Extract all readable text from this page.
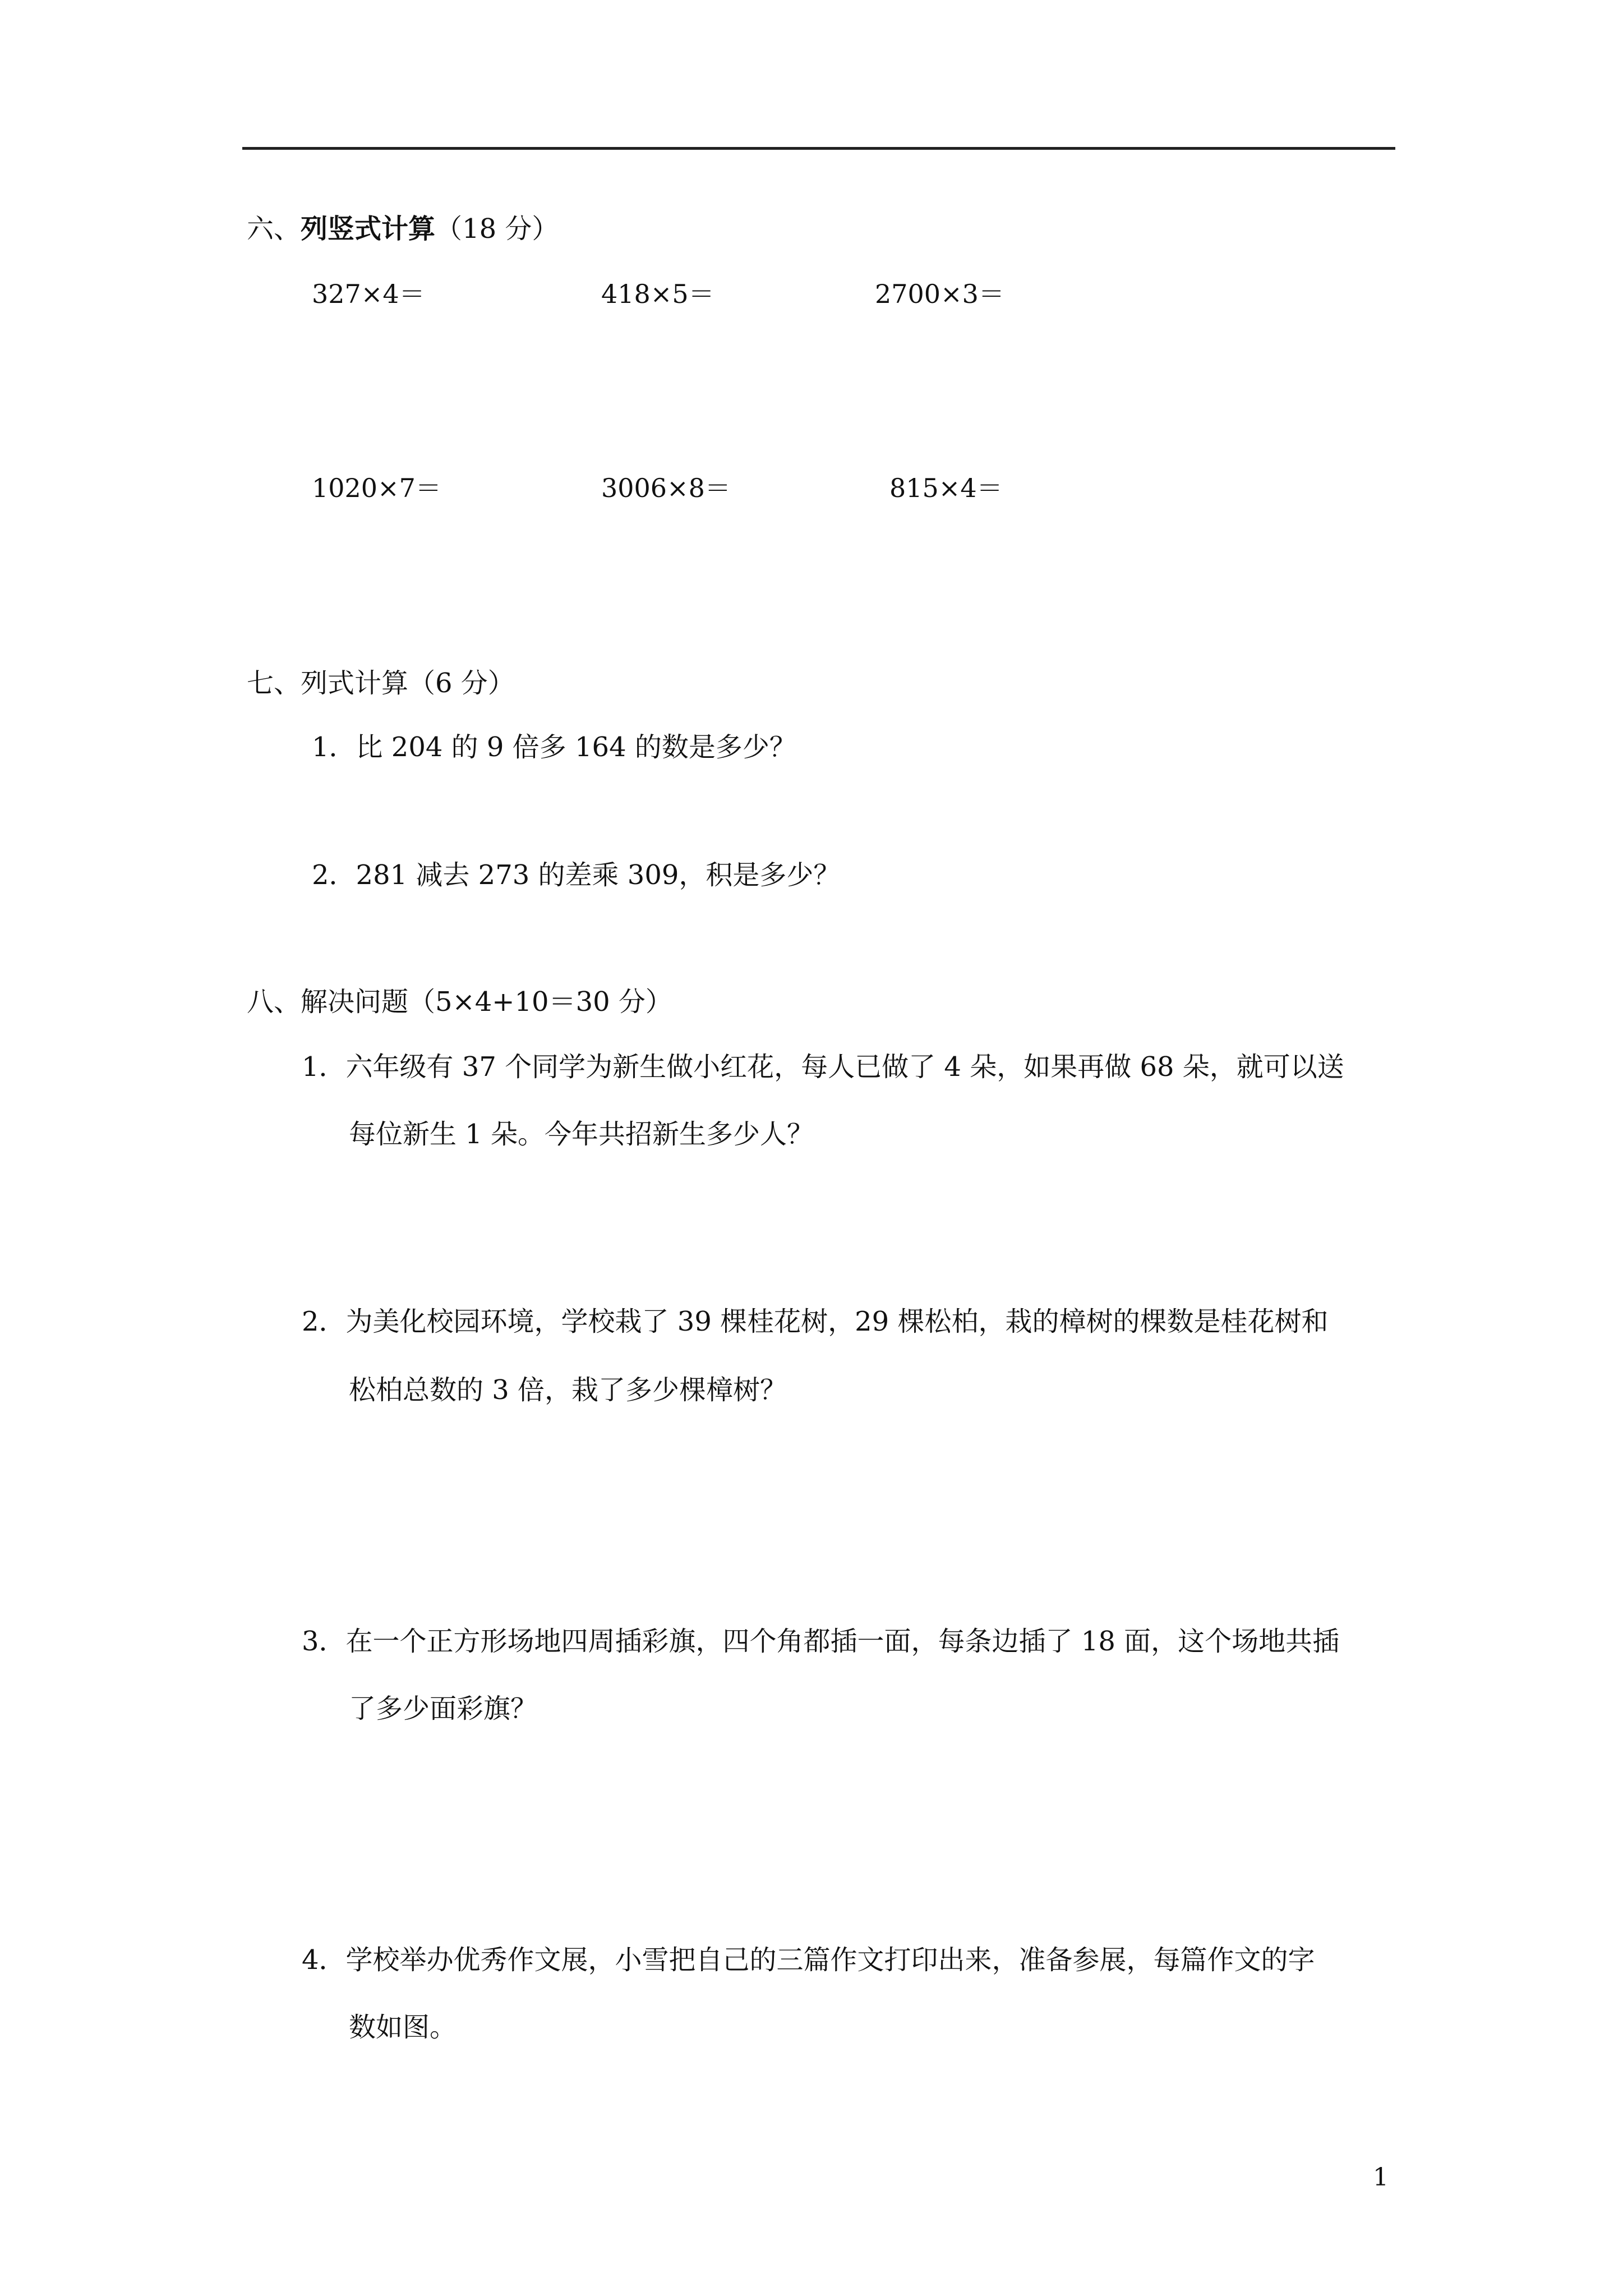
六、列竖式计算（18 分）
327×4＝	418×5＝	2700×3＝
1020×7＝	3006×8＝	815×4＝
七、列式计算（6 分）
1．比 204 的 9 倍多 164 的数是多少？
2．281 减去 273 的差乘 309，积是多少？
八、解决问题（5×4+10＝30 分）
1．六年级有 37 个同学为新生做小红花，每人已做了 4 朵，如果再做 68 朵，就可以送
每位新生 1 朵。今年共招新生多少人？
2．为美化校园环境，学校栽了 39 棵桂花树，29 棵松柏，栽的樟树的棵数是桂花树和
松柏总数的 3 倍，栽了多少棵樟树？
3．在一个正方形场地四周插彩旗，四个角都插一面，每条边插了 18 面，这个场地共插
了多少面彩旗？
4．学校举办优秀作文展，小雪把自己的三篇作文打印出来，准备参展，每篇作文的字
数如图。
1
